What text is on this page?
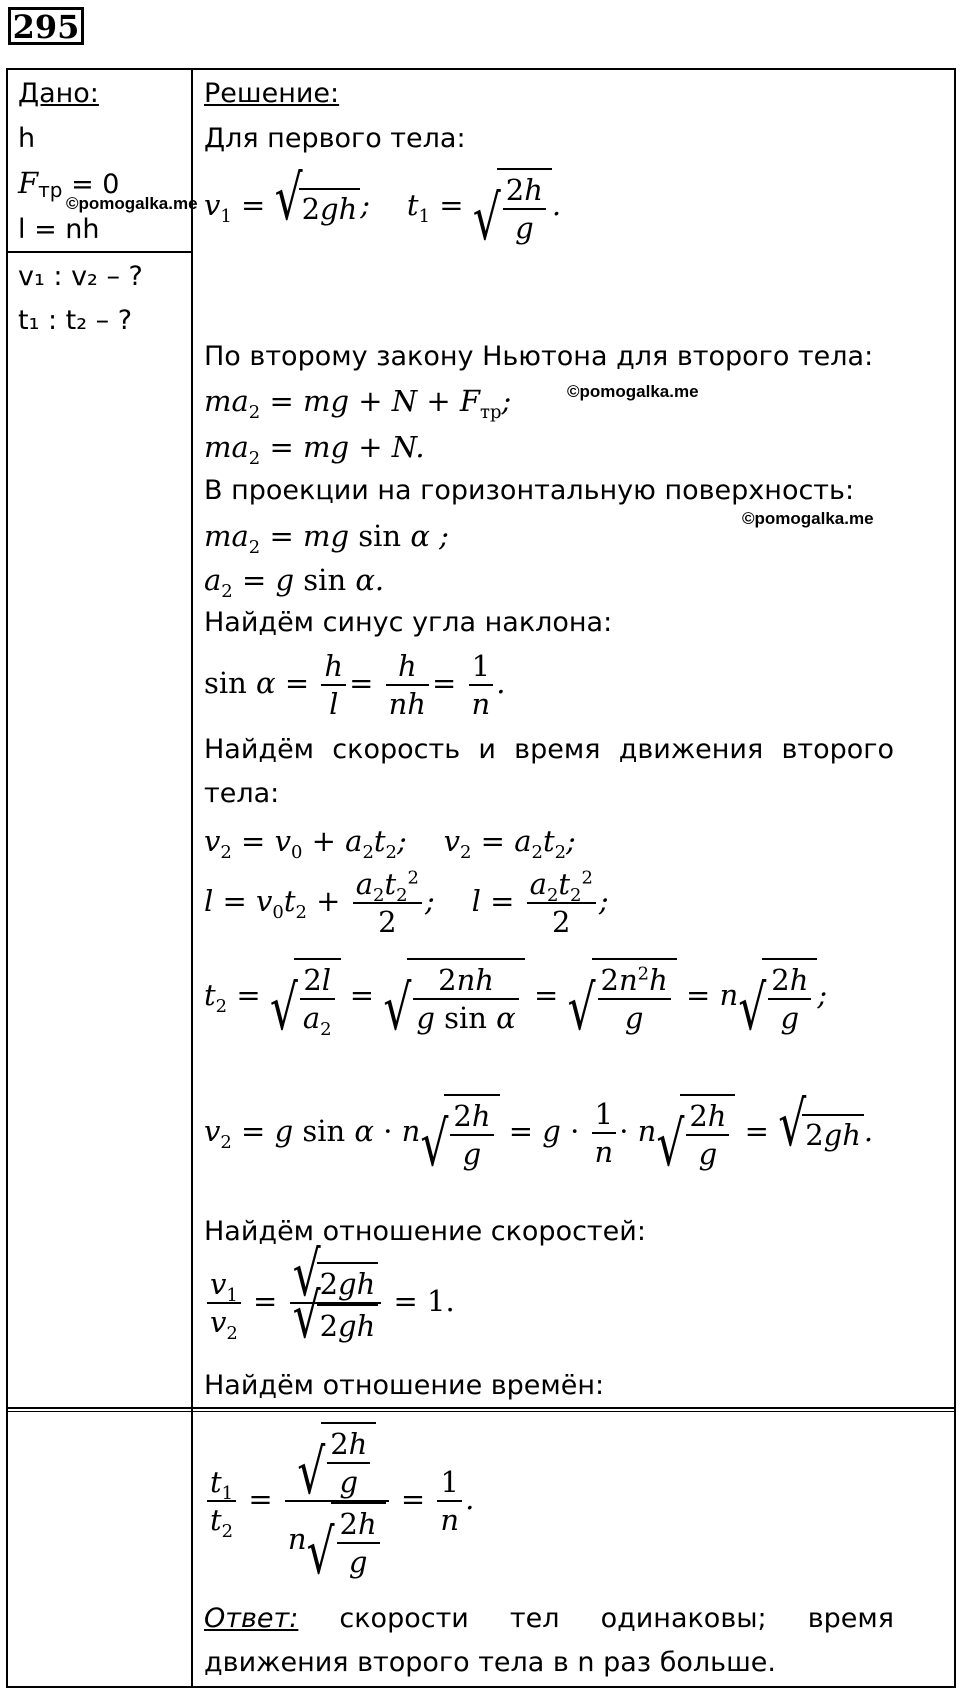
295
Дано:
h
$F_{тр} = 0$
©pomogalka.me
l = nh
v₁ : v₂ – ?
t₁ : t₂ – ?
Решение:
Для первого тела:
$v_1$ = √ 2gh ;    $t_1$ =
√ $\frac{2h}{g}$ .
По второму закону Ньютона для второго тела:
$ma_2$ = mg + $N + F_{тр}$;	©pomogalka.me
$ma_2$ = mg + N.
В проекции на горизонтальную поверхность:
©pomogalka.me
$ma_2$ = mg sin α ;
$a_2 = g$ sin α.
Найдём синус угла наклона:
$\sin \alpha = \frac{h}{l} = \frac{h}{nh} = \frac{1}{n}$ .
Найдём скорость и время движения второго
тела:
$v_2 = v_0 + a_2t_2$;    $v_2 = a_2t_2$;
$l = v_0t_2 + \frac{a_2t_2^2}{2}$ ;    $l = \frac{a_2t_2^2}{2}$ ;
$t_2$ =
√ $\frac{2l}{a_2}$ =
√ $\frac{2nh}{\text{g sin α}}$ =
√ $\frac{2n^2h}{g} = n$
√ $\frac{2h}{g}$ ;
$v_2 = g$ sin α · n
√ $\frac{2h}{g} = g \cdot \frac{1}{n} \cdot n$
√ $\frac{2h}{g}$ = √ 2gh .
Найдём отношение скоростей:
$\frac{v_1}{v_2}$ =
√ 2gh
√ 2gh = 1.
Найдём отношение времён:
$\frac{t_1}{t_2}$ =
√ $\frac{2h}{g}$
n
√ $\frac{2h}{g} = \frac{1}{n}$ .
Ответ: скорости тел одинаковы; время
движения второго тела в n раз больше.
